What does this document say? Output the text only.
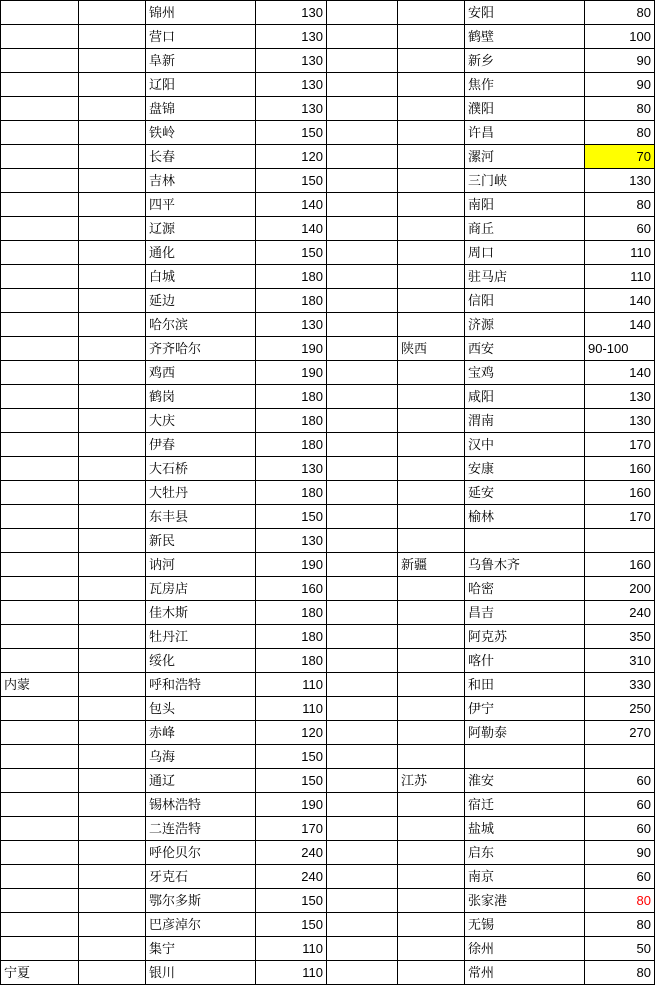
		锦州	130			安阳	80
		营口	130			鹤壁	100
		阜新	130			新乡	90
		辽阳	130			焦作	90
		盘锦	130			濮阳	80
		铁岭	150			许昌	80
		长春	120			漯河	70
		吉林	150			三门峡	130
		四平	140			南阳	80
		辽源	140			商丘	60
		通化	150			周口	110
		白城	180			驻马店	110
		延边	180			信阳	140
		哈尔滨	130			济源	140
		齐齐哈尔	190		陕西	西安	90-100
		鸡西	190			宝鸡	140
		鹤岗	180			咸阳	130
		大庆	180			渭南	130
		伊春	180			汉中	170
		大石桥	130			安康	160
		大牡丹	180			延安	160
		东丰县	150			榆林	170
		新民	130				
		讷河	190		新疆	乌鲁木齐	160
		瓦房店	160			哈密	200
		佳木斯	180			昌吉	240
		牡丹江	180			阿克苏	350
		绥化	180			喀什	310
内蒙		呼和浩特	110			和田	330
		包头	110			伊宁	250
		赤峰	120			阿勒泰	270
		乌海	150				
		通辽	150		江苏	淮安	60
		锡林浩特	190			宿迁	60
		二连浩特	170			盐城	60
		呼伦贝尔	240			启东	90
		牙克石	240			南京	60
		鄂尔多斯	150			张家港	80
		巴彦淖尔	150			无锡	80
		集宁	110			徐州	50
宁夏		银川	110			常州	80
